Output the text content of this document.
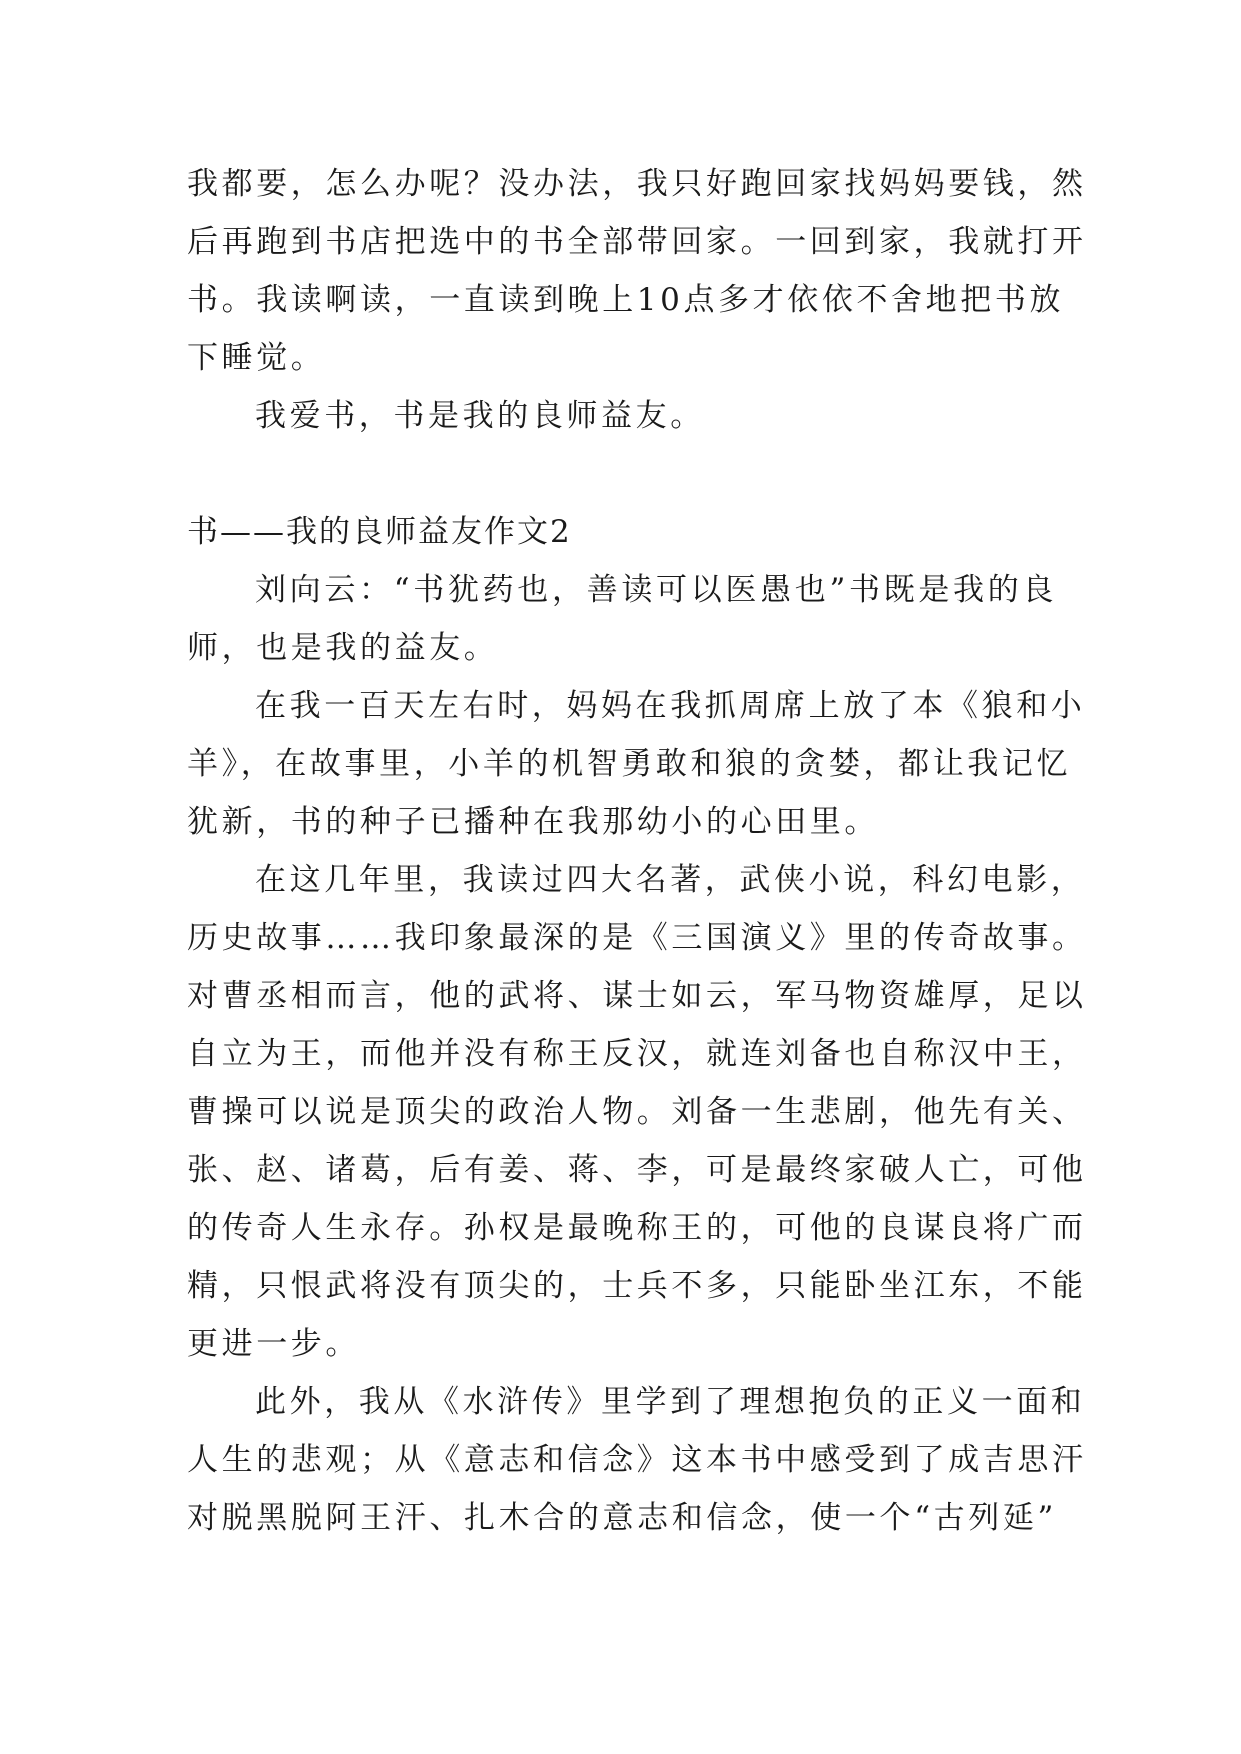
我都要，怎么办呢？没办法，我只好跑回家找妈妈要钱，然
后再跑到书店把选中的书全部带回家。一回到家，我就打开
书。我读啊读，一直读到晚上10点多才依依不舍地把书放
下睡觉。
我爱书，书是我的良师益友。
书——我的良师益友作文2
刘向云：“书犹药也，善读可以医愚也”书既是我的良
师，也是我的益友。
在我一百天左右时，妈妈在我抓周席上放了本《狼和小
羊》，在故事里，小羊的机智勇敢和狼的贪婪，都让我记忆
犹新，书的种子已播种在我那幼小的心田里。
在这几年里，我读过四大名著，武侠小说，科幻电影，
历史故事……我印象最深的是《三国演义》里的传奇故事。
对曹丞相而言，他的武将、谋士如云，军马物资雄厚，足以
自立为王，而他并没有称王反汉，就连刘备也自称汉中王，
曹操可以说是顶尖的政治人物。刘备一生悲剧，他先有关、
张、赵、诸葛，后有姜、蒋、李，可是最终家破人亡，可他
的传奇人生永存。孙权是最晚称王的，可他的良谋良将广而
精，只恨武将没有顶尖的，士兵不多，只能卧坐江东，不能
更进一步。
此外，我从《水浒传》里学到了理想抱负的正义一面和
人生的悲观；从《意志和信念》这本书中感受到了成吉思汗
对脱黑脱阿王汗、扎木合的意志和信念，使一个“古列延”
